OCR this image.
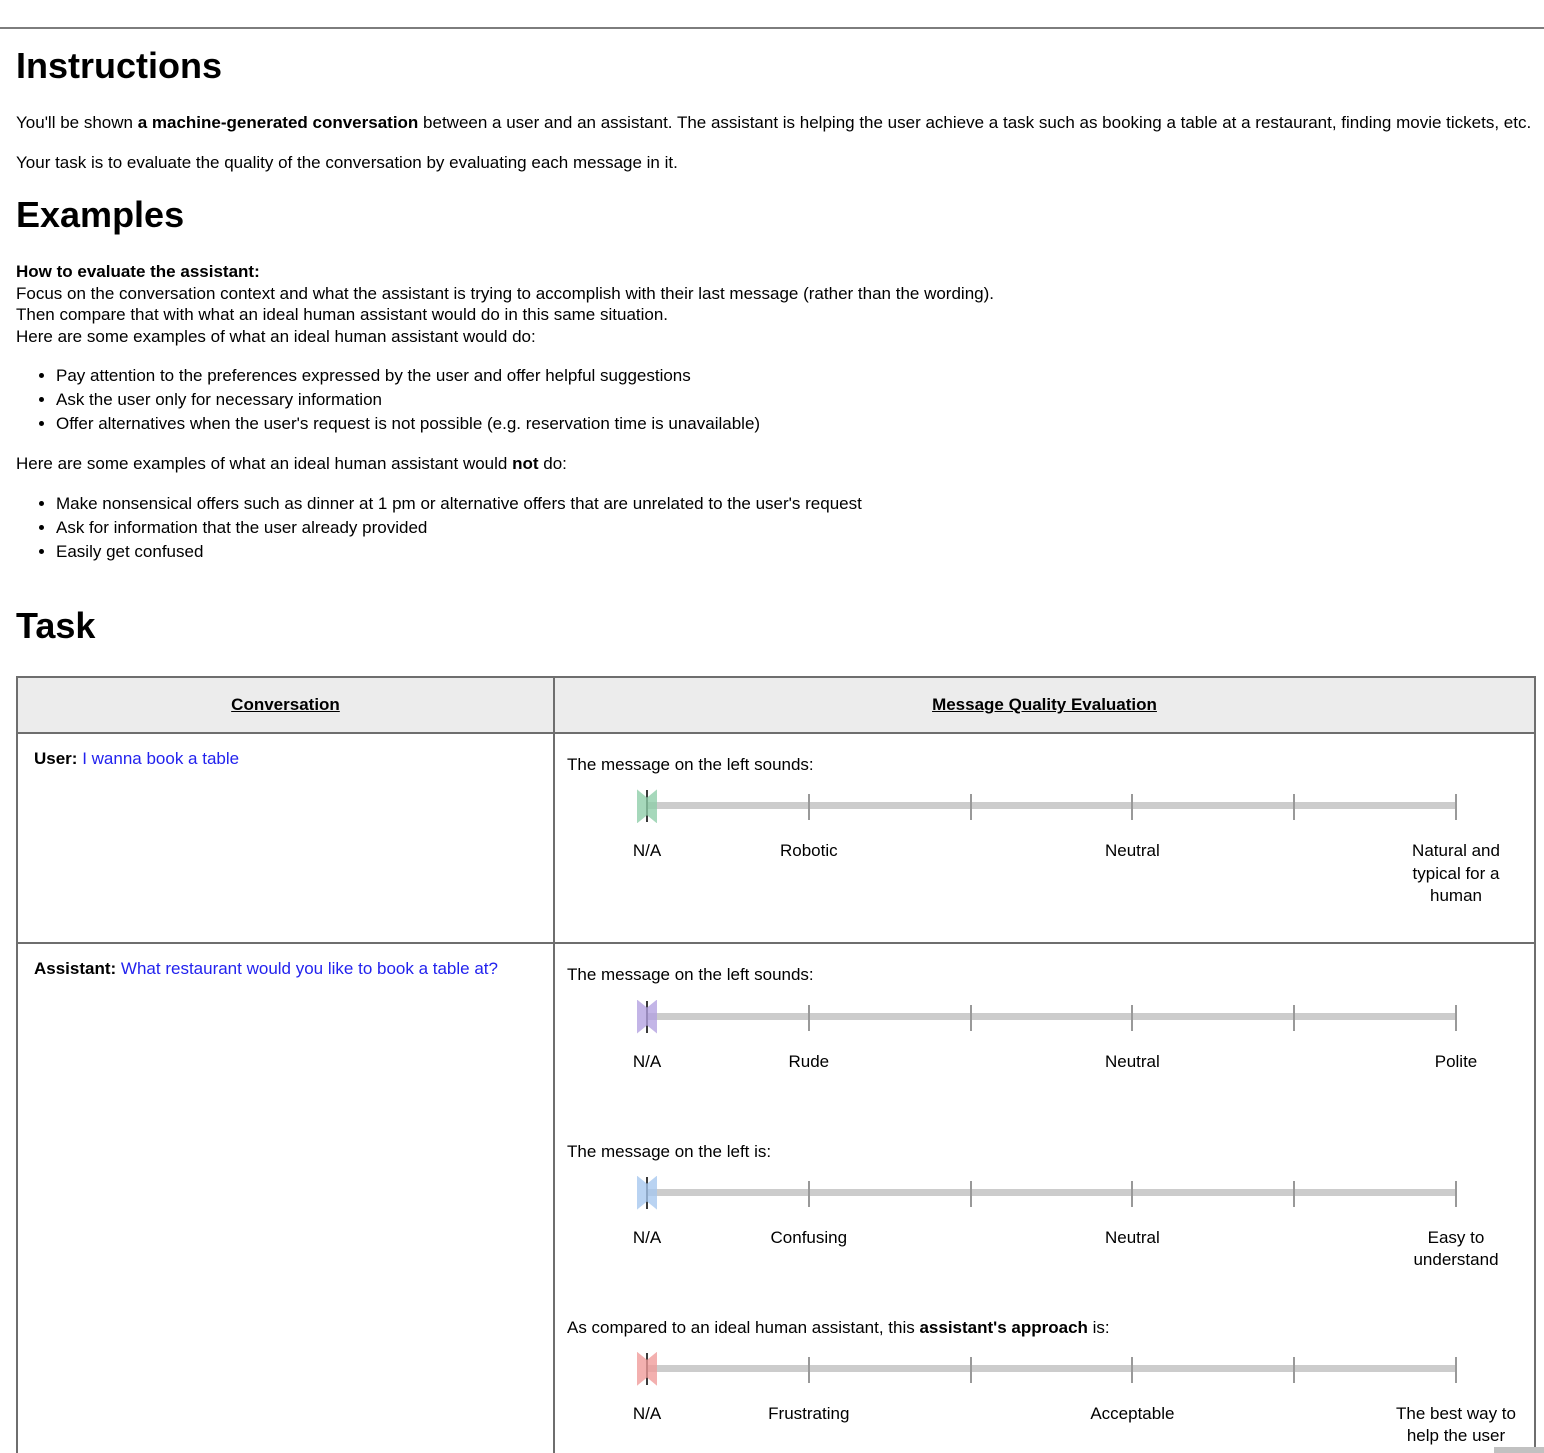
Instructions

You'll be shown a machine-generated conversation between a user and an assistant. The assistant is helping the user achieve a task such as booking a table at a restaurant, finding movie tickets, etc.

Your task is to evaluate the quality of the conversation by evaluating each message in it.

Examples
How to evaluate the assistant:
Focus on the conversation context and what the assistant is trying to accomplish with their last message (rather than the wording).
Then compare that with what an ideal human assistant would do in this same situation.
Here are some examples of what an ideal human assistant would do:
• Pay attention to the preferences expressed by the user and offer helpful suggestions
• Ask the user only for necessary information
• Offer alternatives when the user's request is not possible (e.g. reservation time is unavailable)

Here are some examples of what an ideal human assistant would not do:

• Make nonsensical offers such as dinner at 1 pm or alternative offers that are unrelated to the user's request
• Ask for information that the user already provided
• Easily get confused
Task
Conversation	Message Quality Evaluation
User: I wanna book a table	The message on the left sounds:
N/A Robotic Neutral Natural and typical for a human

Assistant: What restaurant would you like to book a table at?	The message on the left sounds:
N/A	Rude	Neutral	Polite
The message on the left is:
N/A	Confusing	Neutral	Easy to understand
As compared to an ideal human assistant, this assistant's approach is:
N/A	Frustrating	Acceptable	The best way to help the user
